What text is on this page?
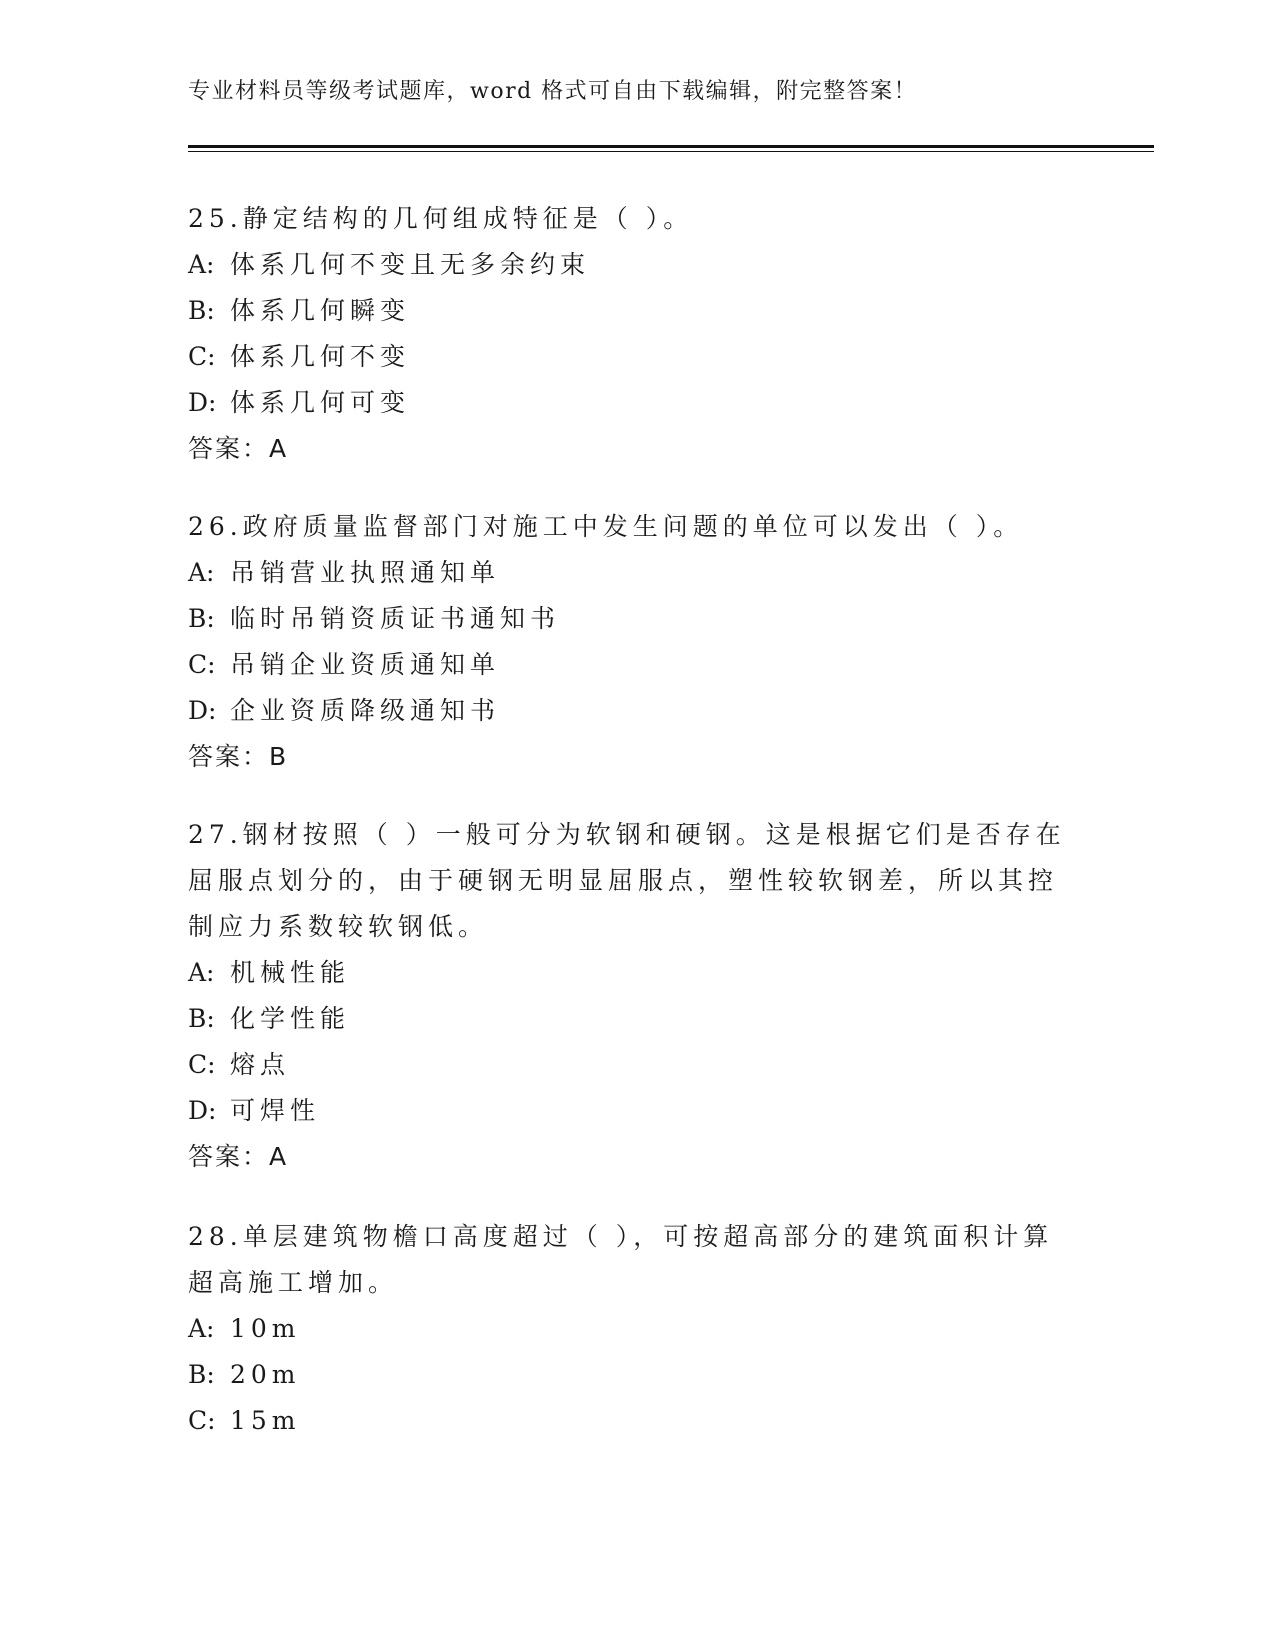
专业材料员等级考试题库，word 格式可自由下载编辑，附完整答案！

25.静定结构的几何组成特征是（ ）。

A: 体系几何不变且无多余约束

B: 体系几何瞬变

C: 体系几何不变

D: 体系几何可变

答案：A

26.政府质量监督部门对施工中发生问题的单位可以发出（ ）。

A: 吊销营业执照通知单

B: 临时吊销资质证书通知书

C: 吊销企业资质通知单

D: 企业资质降级通知书

答案：B

27.钢材按照（ ）一般可分为软钢和硬钢。这是根据它们是否存在屈服点划分的，由于硬钢无明显屈服点，塑性较软钢差，所以其控制应力系数较软钢低。

A: 机械性能

B: 化学性能

C: 熔点

D: 可焊性

答案：A

28.单层建筑物檐口高度超过（ ），可按超高部分的建筑面积计算超高施工增加。

A: 10m

B: 20m

C: 15m
